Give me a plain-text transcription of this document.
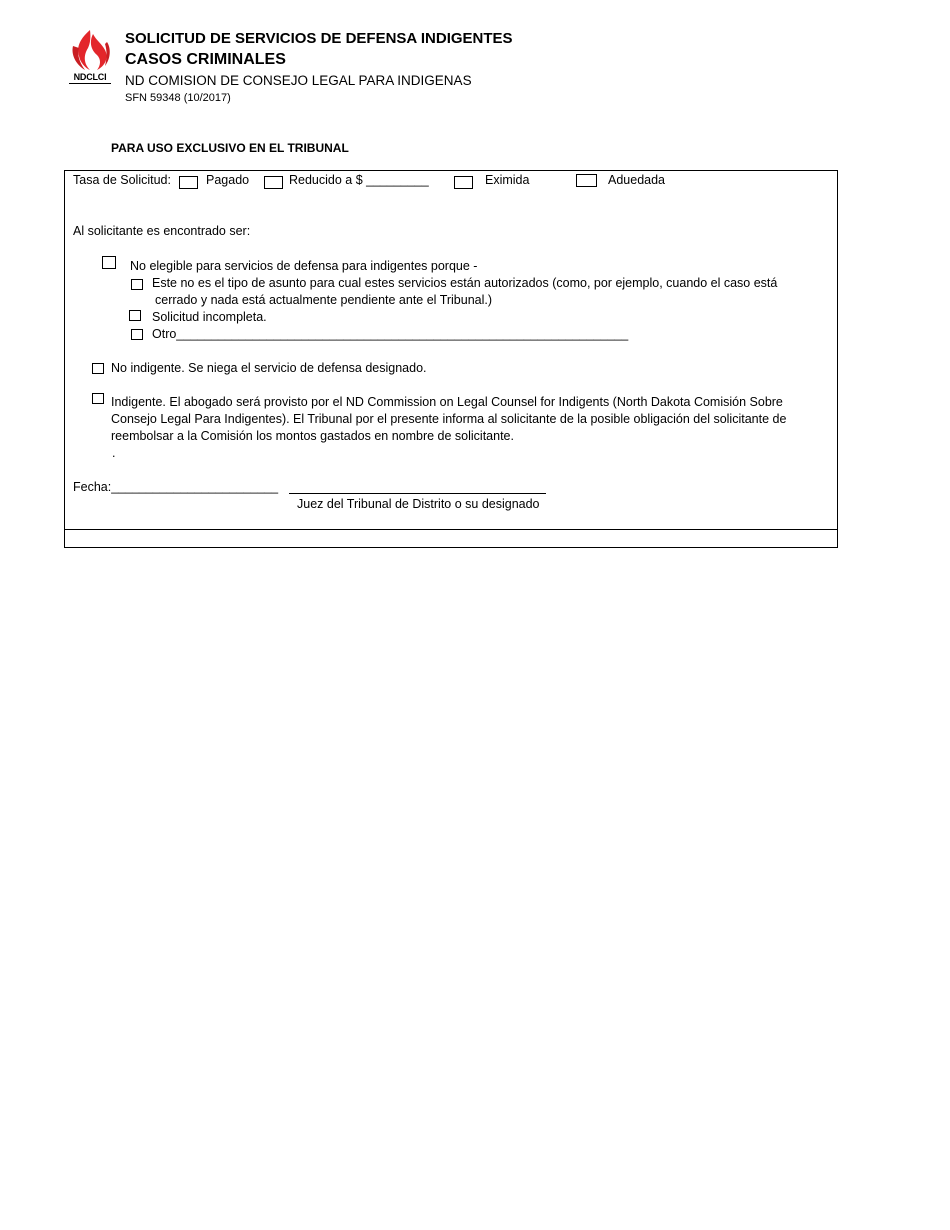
NDCLCI
SOLICITUD DE SERVICIOS DE DEFENSA INDIGENTES
CASOS CRIMINALES
ND COMISION DE CONSEJO LEGAL PARA INDIGENAS
SFN 59348 (10/2017)
PARA USO EXCLUSIVO EN EL TRIBUNAL
Tasa de Solicitud:	Pagado	Reducido a $ _________	Eximida	Aduedada
Al solicitante es encontrado ser:
No elegible para servicios de defensa para indigentes porque -
Este no es el tipo de asunto para cual estes servicios están autorizados (como, por ejemplo, cuando el caso está
cerrado y nada está actualmente pendiente ante el Tribunal.)
Solicitud incompleta.
Otro_________________________________________________________________
No indigente. Se niega el servicio de defensa designado.
Indigente. El abogado será provisto por el ND Commission on Legal Counsel for Indigents (North Dakota Comisión Sobre
Consejo Legal Para Indigentes). El Tribunal por el presente informa al solicitante de la posible obligación del solicitante de
reembolsar a la Comisión los montos gastados en nombre de solicitante.
.
Fecha:________________________
Juez del Tribunal de Distrito o su designado
